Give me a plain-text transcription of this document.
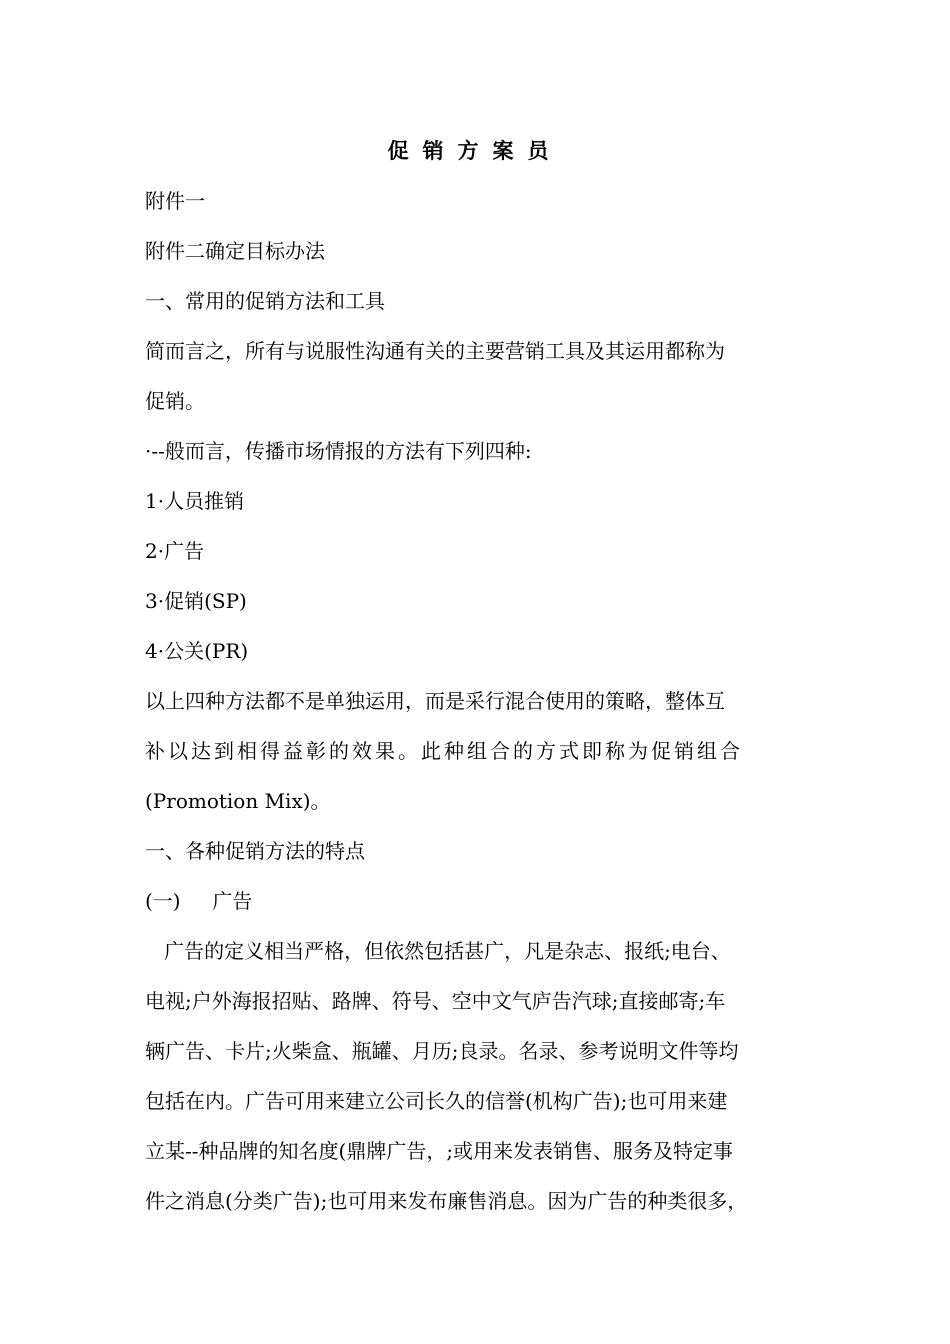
促销方案员
附件一
附件二确定目标办法
一、常用的促销方法和工具
简而言之，所有与说服性沟通有关的主要营销工具及其运用都称为
促销。
·--般而言，传播市场情报的方法有下列四种:
1·人员推销
2·广告
3·促销(SP)
4·公关(PR)
以上四种方法都不是单独运用，而是采行混合使用的策略，整体互
补以达到相得益彰的效果。此种组合的方式即称为促销组合
(Promotion Mix)。
一、各种促销方法的特点
(一)     广告
广告的定义相当严格，但依然包括甚广，凡是杂志、报纸;电台、
电视;户外海报招贴、路牌、符号、空中文气庐告汽球;直接邮寄;车
辆广告、卡片;火柴盒、瓶罐、月历;良录。名录、参考说明文件等均
包括在内。广告可用来建立公司长久的信誉(机构广告);也可用来建
立某--种品牌的知名度(鼎牌广告，;或用来发表销售、服务及特定事
件之消息(分类广告);也可用来发布廉售消息。因为广告的种类很多，
